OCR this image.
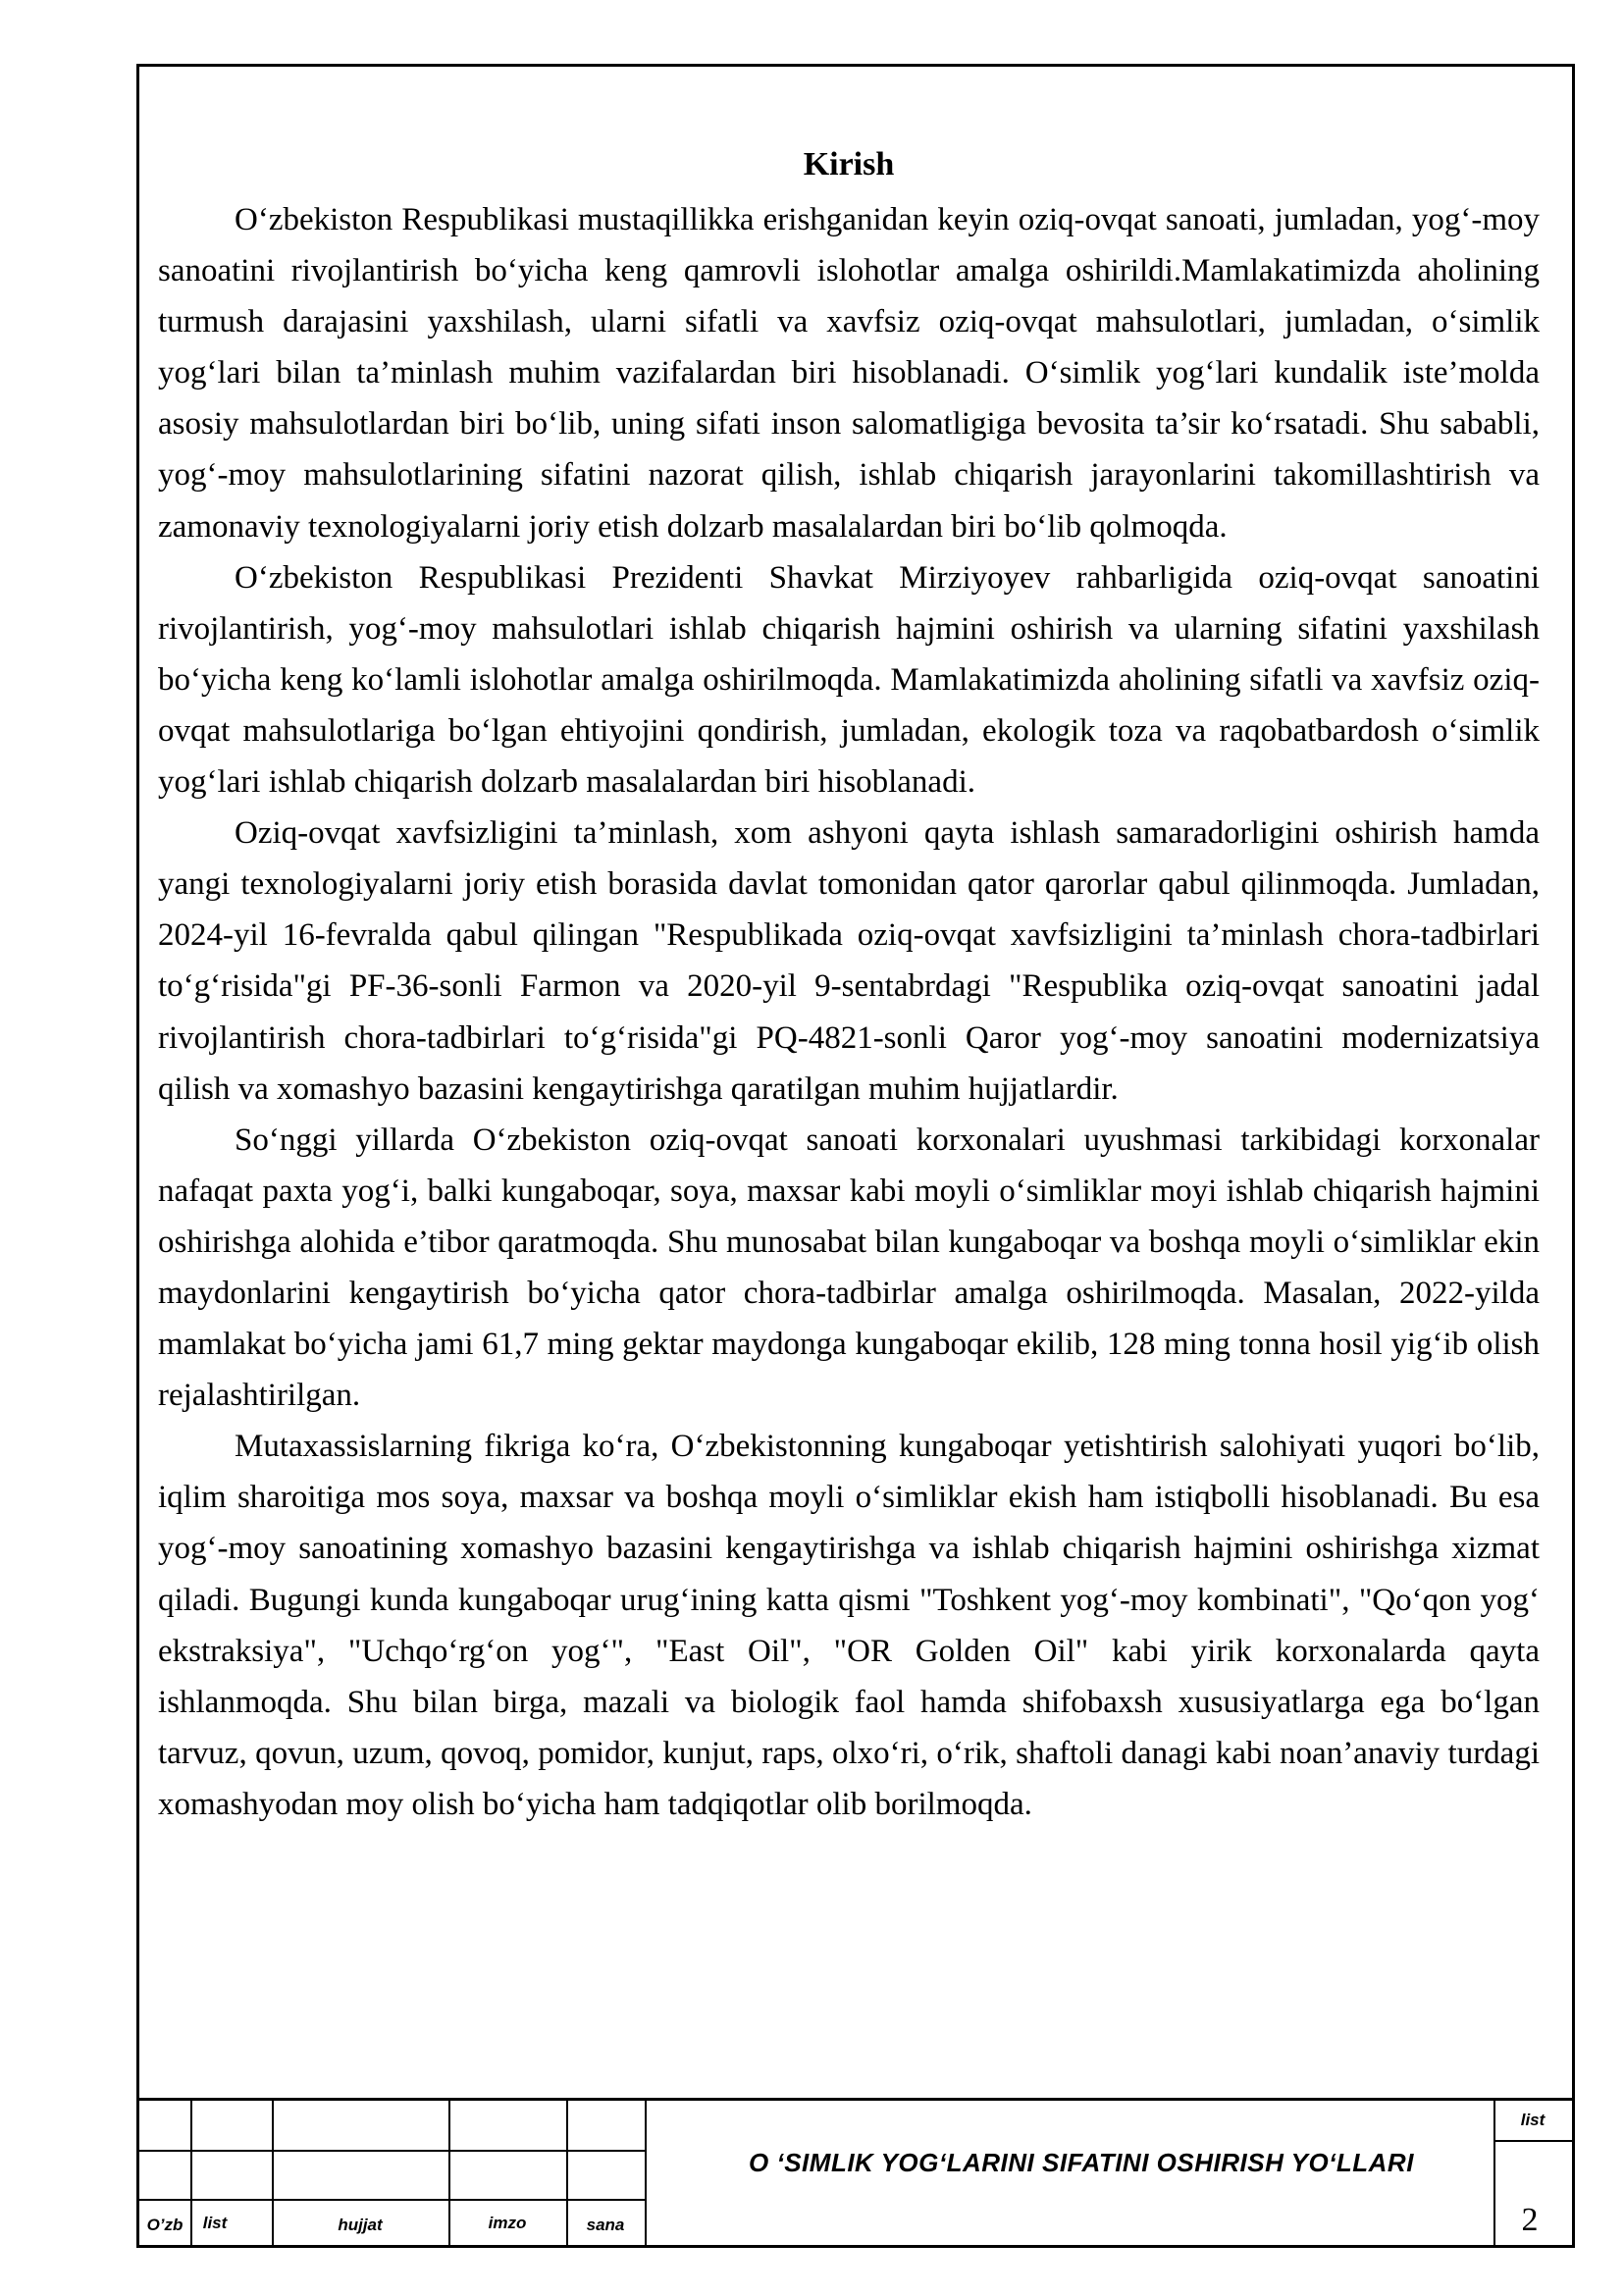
Kirish

O‘zbekiston Respublikasi mustaqillikka erishganidan keyin oziq-ovqat sanoati, jumladan, yog‘-moy sanoatini rivojlantirish bo‘yicha keng qamrovli islohotlar amalga oshirildi.Mamlakatimizda aholining turmush darajasini yaxshilash, ularni sifatli va xavfsiz oziq-ovqat mahsulotlari, jumladan, o‘simlik yog‘lari bilan ta’minlash muhim vazifalardan biri hisoblanadi. O‘simlik yog‘lari kundalik iste’molda asosiy mahsulotlardan biri bo‘lib, uning sifati inson salomatligiga bevosita ta’sir ko‘rsatadi. Shu sababli, yog‘-moy mahsulotlarining sifatini nazorat qilish, ishlab chiqarish jarayonlarini takomillashtirish va zamonaviy texnologiyalarni joriy etish dolzarb masalalardan biri bo‘lib qolmoqda.

O‘zbekiston Respublikasi Prezidenti Shavkat Mirziyoyev rahbarligida oziq-ovqat sanoatini rivojlantirish, yog‘-moy mahsulotlari ishlab chiqarish hajmini oshirish va ularning sifatini yaxshilash bo‘yicha keng ko‘lamli islohotlar amalga oshirilmoqda. Mamlakatimizda aholining sifatli va xavfsiz oziq-ovqat mahsulotlariga bo‘lgan ehtiyojini qondirish, jumladan, ekologik toza va raqobatbardosh o‘simlik yog‘lari ishlab chiqarish dolzarb masalalardan biri hisoblanadi.

Oziq-ovqat xavfsizligini ta’minlash, xom ashyoni qayta ishlash samaradorligini oshirish hamda yangi texnologiyalarni joriy etish borasida davlat tomonidan qator qarorlar qabul qilinmoqda. Jumladan, 2024-yil 16-fevralda qabul qilingan "Respublikada oziq-ovqat xavfsizligini ta’minlash chora-tadbirlari to‘g‘risida"gi PF-36-sonli Farmon va 2020-yil 9-sentabrdagi "Respublika oziq-ovqat sanoatini jadal rivojlantirish chora-tadbirlari to‘g‘risida"gi PQ-4821-sonli Qaror yog‘-moy sanoatini modernizatsiya qilish va xomashyo bazasini kengaytirishga qaratilgan muhim hujjatlardir.

So‘nggi yillarda O‘zbekiston oziq-ovqat sanoati korxonalari uyushmasi tarkibidagi korxonalar nafaqat paxta yog‘i, balki kungaboqar, soya, maxsar kabi moyli o‘simliklar moyi ishlab chiqarish hajmini oshirishga alohida e’tibor qaratmoqda. Shu munosabat bilan kungaboqar va boshqa moyli o‘simliklar ekin maydonlarini kengaytirish bo‘yicha qator chora-tadbirlar amalga oshirilmoqda. Masalan, 2022-yilda mamlakat bo‘yicha jami 61,7 ming gektar maydonga kungaboqar ekilib, 128 ming tonna hosil yig‘ib olish rejalashtirilgan.

Mutaxassislarning fikriga ko‘ra, O‘zbekistonning kungaboqar yetishtirish salohiyati yuqori bo‘lib, iqlim sharoitiga mos soya, maxsar va boshqa moyli o‘simliklar ekish ham istiqbolli hisoblanadi. Bu esa yog‘-moy sanoatining xomashyo bazasini kengaytirishga va ishlab chiqarish hajmini oshirishga xizmat qiladi. Bugungi kunda kungaboqar urug‘ining katta qismi "Toshkent yog‘-moy kombinati", "Qo‘qon yog‘ ekstraksiya", "Uchqo‘rg‘on yog‘", "East Oil", "OR Golden Oil" kabi yirik korxonalarda qayta ishlanmoqda. Shu bilan birga, mazali va biologik faol hamda shifobaxsh xususiyatlarga ega bo‘lgan tarvuz, qovun, uzum, qovoq, pomidor, kunjut, raps, olxo‘ri, o‘rik, shaftoli danagi kabi noan’anaviy turdagi xomashyodan moy olish bo‘yicha ham tadqiqotlar olib borilmoqda.

O’zb	list	hujjat	imzo	sana
list
O ‘SIMLIK YOG‘LARINI SIFATINI OSHIRISH YO‘LLARI
2
